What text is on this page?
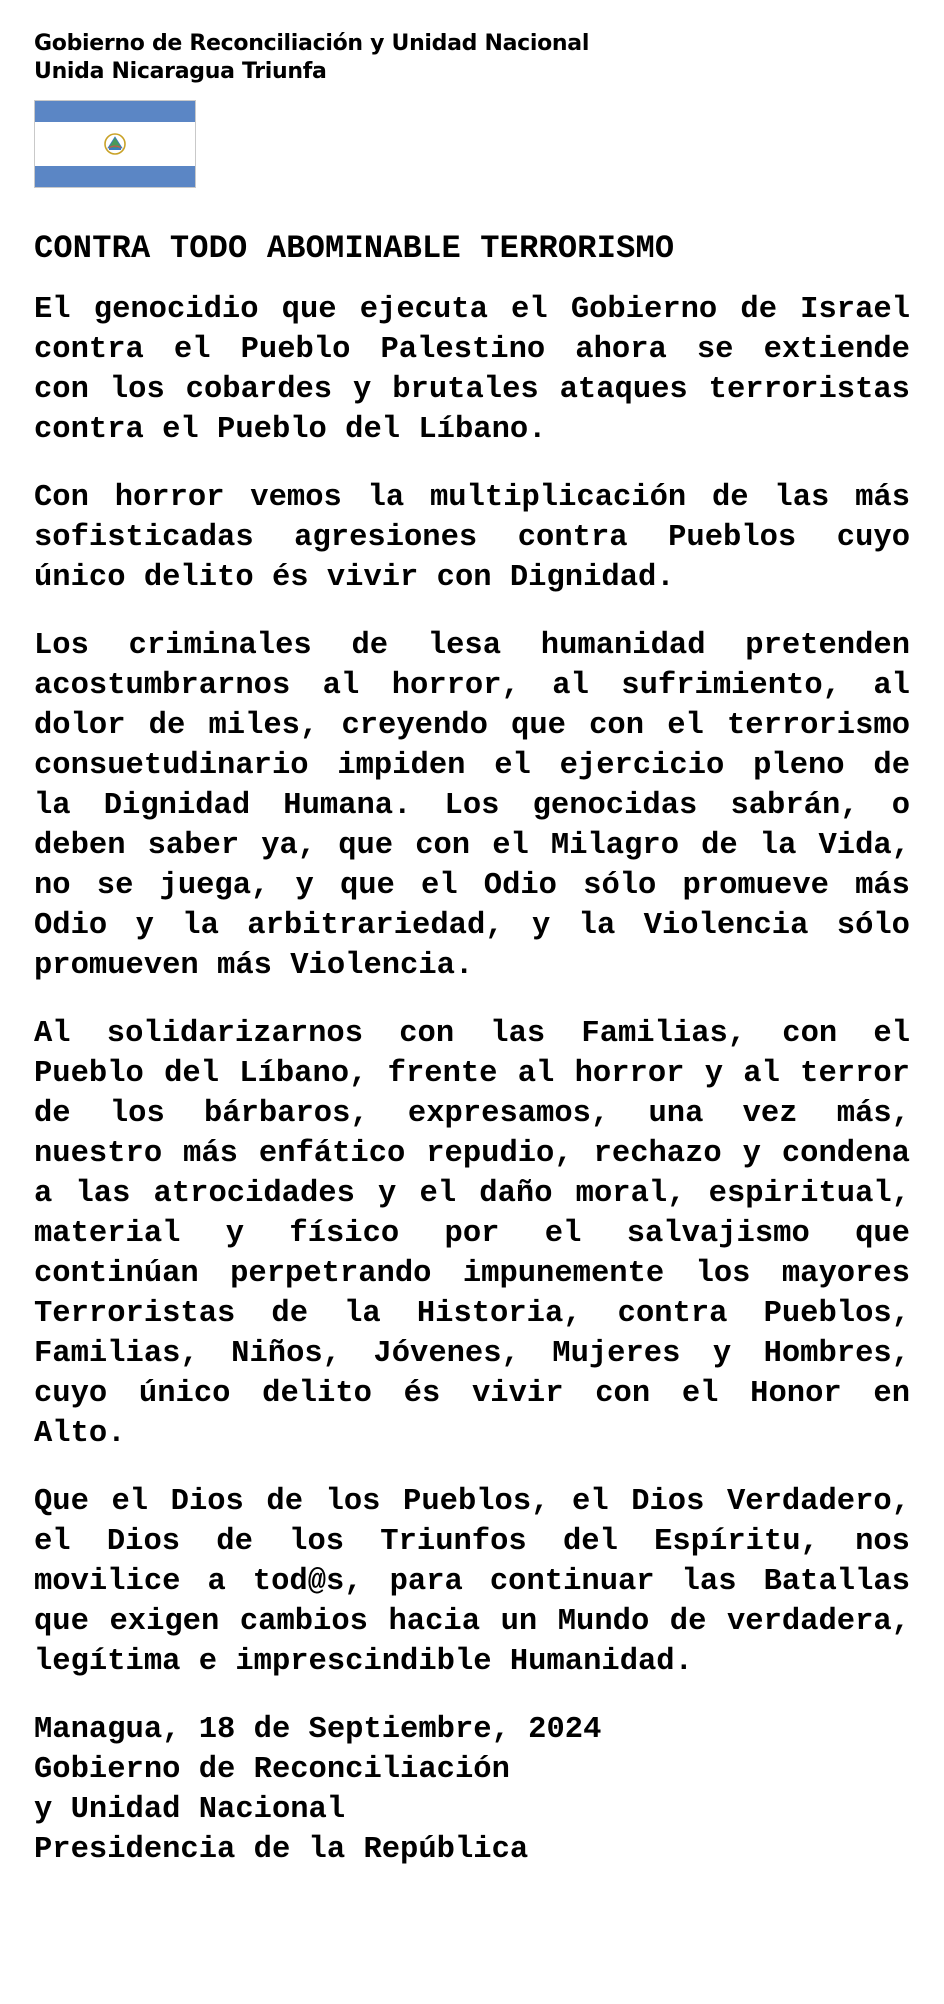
Gobierno de Reconciliación y Unidad Nacional
Unida Nicaragua Triunfa
CONTRA TODO ABOMINABLE TERRORISMO

El genocidio que ejecuta el Gobierno de Israel contra el Pueblo Palestino ahora se extiende con los cobardes y brutales ataques terroristas contra el Pueblo del Líbano.

Con horror vemos la multiplicación de las más sofisticadas agresiones contra Pueblos cuyo único delito és vivir con Dignidad.

Los criminales de lesa humanidad pretenden acostumbrarnos al horror, al sufrimiento, al dolor de miles, creyendo que con el terrorismo consuetudinario impiden el ejercicio pleno de la Dignidad Humana. Los genocidas sabrán, o deben saber ya, que con el Milagro de la Vida, no se juega, y que el Odio sólo promueve más Odio y la arbitrariedad, y la Violencia sólo promueven más Violencia.

Al solidarizarnos con las Familias, con el Pueblo del Líbano, frente al horror y al terror de los bárbaros, expresamos, una vez más, nuestro más enfático repudio, rechazo y condena a las atrocidades y el daño moral, espiritual, material y físico por el salvajismo que continúan perpetrando impunemente los mayores Terroristas de la Historia, contra Pueblos, Familias, Niños, Jóvenes, Mujeres y Hombres, cuyo único delito és vivir con el Honor en Alto.

Que el Dios de los Pueblos, el Dios Verdadero, el Dios de los Triunfos del Espíritu, nos movilice a tod@s, para continuar las Batallas que exigen cambios hacia un Mundo de verdadera, legítima e imprescindible Humanidad.

Managua, 18 de Septiembre, 2024
Gobierno de Reconciliación
y Unidad Nacional
Presidencia de la República
